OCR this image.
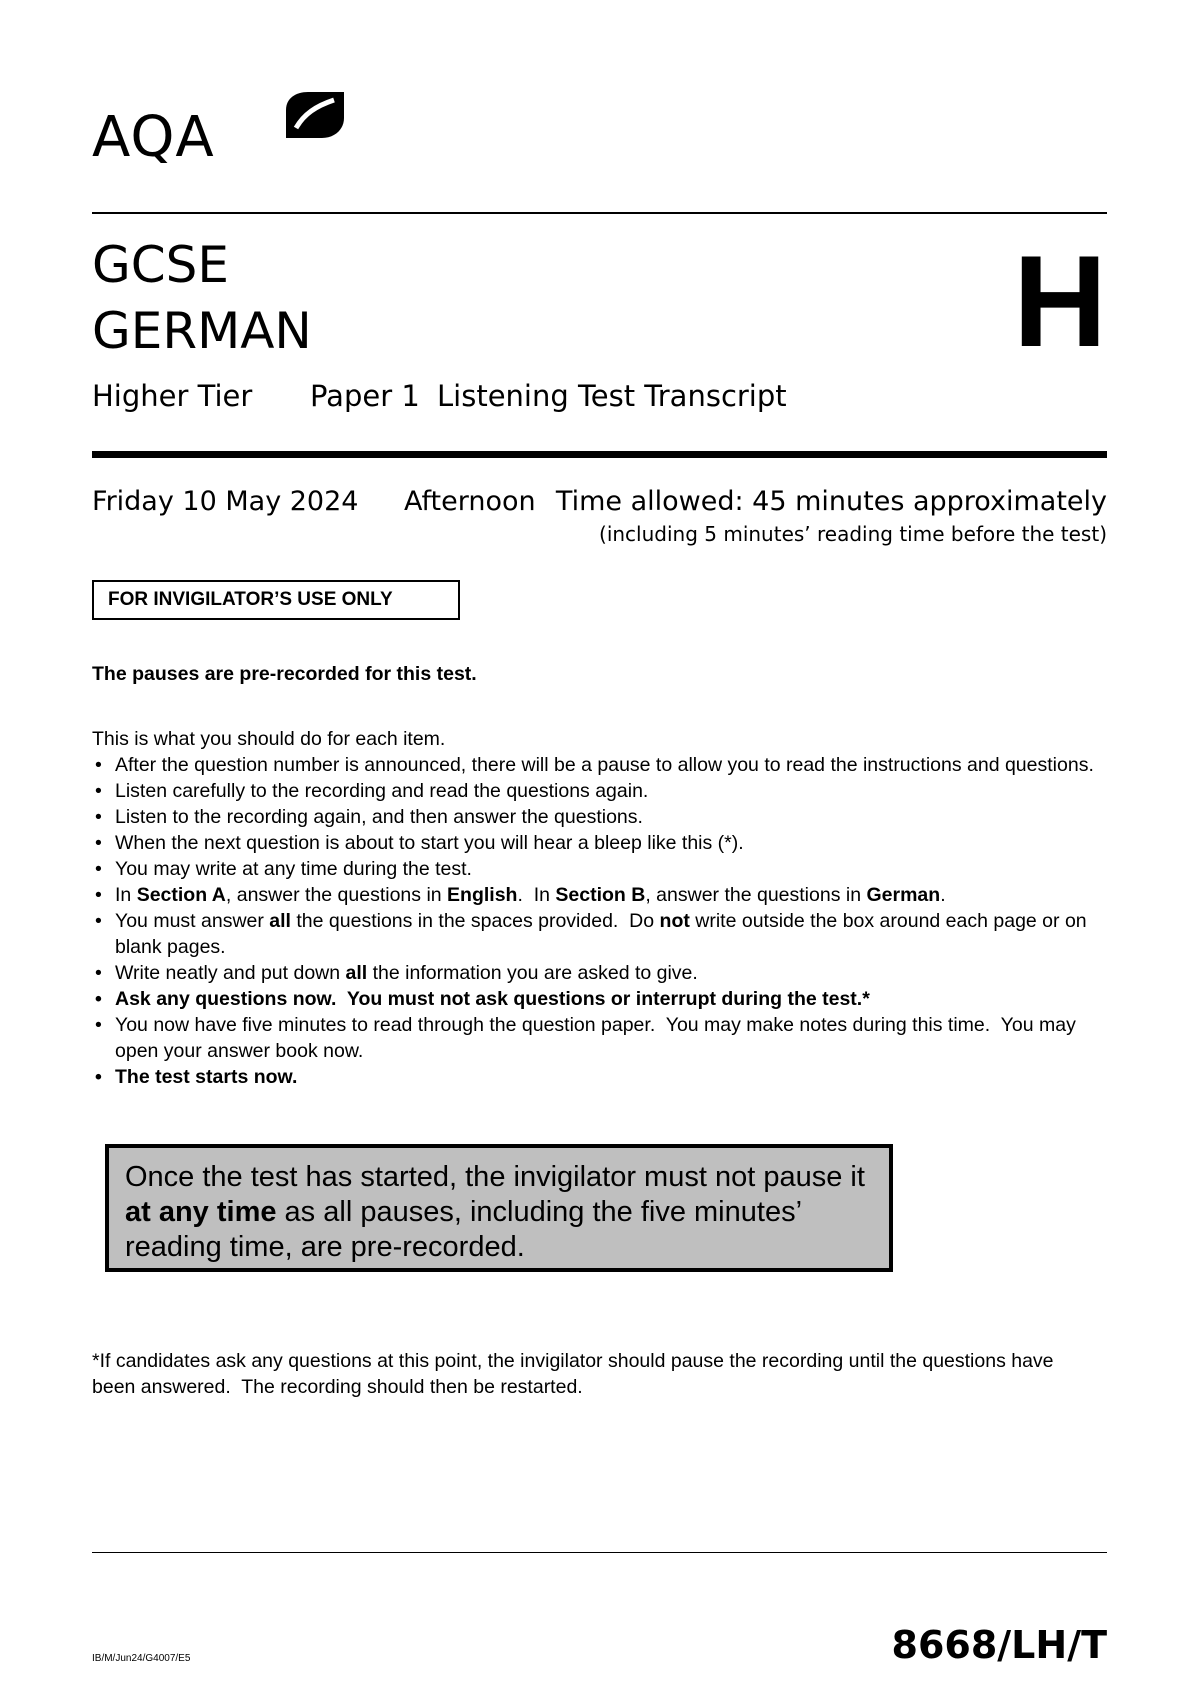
AQA
GCSE
GERMAN	H
Higher Tier Paper 1 Listening Test Transcript
Friday 10 May 2024 Afternoon Time allowed: 45 minutes approximately
(including 5 minutes’ reading time before the test)
FOR INVIGILATOR’S USE ONLY
The pauses are pre-recorded for this test.
This is what you should do for each item.
• After the question number is announced, there will be a pause to allow you to read the instructions and questions.
• Listen carefully to the recording and read the questions again.
• Listen to the recording again, and then answer the questions.
• When the next question is about to start you will hear a bleep like this (*).
• You may write at any time during the test.
• In Section A, answer the questions in English.  In Section B, answer the questions in German.
• You must answer all the questions in the spaces provided.  Do not write outside the box around each page or on blank pages.
• Write neatly and put down all the information you are asked to give.
• Ask any questions now.  You must not ask questions or interrupt during the test.*
• You now have five minutes to read through the question paper.  You may make notes during this time.  You may open your answer book now.
• The test starts now.
Once the test has started, the invigilator must not pause it at any time as all pauses, including the five minutes’ reading time, are pre-recorded.
*If candidates ask any questions at this point, the invigilator should pause the recording until the questions have been answered.  The recording should then be restarted.
IB/M/Jun24/G4007/E5	8668/LH/T
